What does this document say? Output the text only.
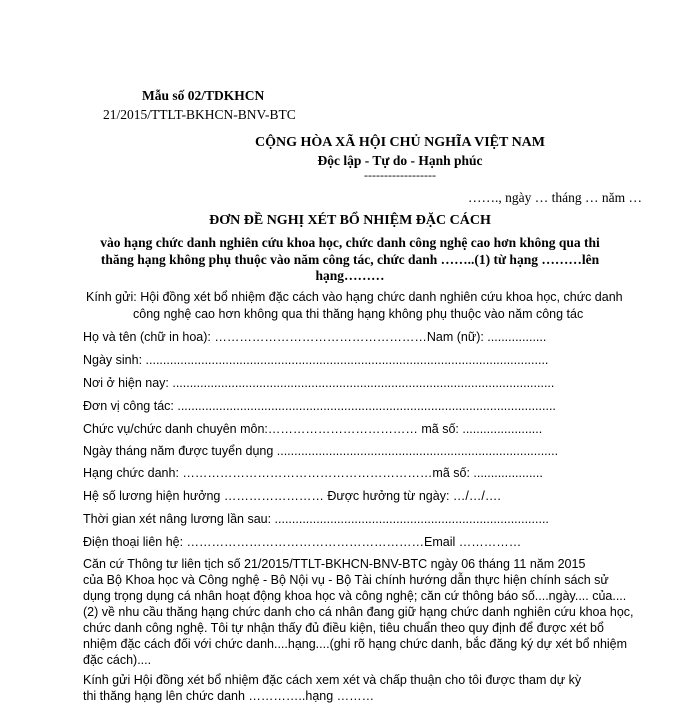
Mẫu số 02/TDKHCN
21/2015/TTLT-BKHCN-BNV-BTC
CỘNG HÒA XÃ HỘI CHỦ NGHĨA VIỆT NAM
Độc lập - Tự do - Hạnh phúc
------------------
……., ngày … tháng … năm …
ĐƠN ĐỀ NGHỊ XÉT BỔ NHIỆM ĐẶC CÁCH
vào hạng chức danh nghiên cứu khoa học, chức danh công nghệ cao hơn không qua thi
thăng hạng không phụ thuộc vào năm công tác, chức danh ……..(1) từ hạng ………lên
hạng………
Kính gửi: Hội đồng xét bổ nhiệm đặc cách vào hạng chức danh nghiên cứu khoa học, chức danh
công nghệ cao hơn không qua thi thăng hạng không phụ thuộc vào năm công tác
Họ và tên (chữ in hoa): ……………………………………………Nam (nữ): .................
Ngày sinh: ....................................................................................................................
Nơi ở hiện nay: ..............................................................................................................
Đơn vị công tác: .............................................................................................................
Chức vụ/chức danh chuyên môn:……………………………… mã số: .......................
Ngày tháng năm được tuyển dụng .................................................................................
Hạng chức danh: ……………………………………………………mã số: ....................
Hệ số lương hiện hưởng …………………… Được hưởng từ ngày: …/…/….
Thời gian xét nâng lương lần sau: ...............................................................................
Điện thoại liên hệ: …………………………………………………Email ……………
Căn cứ Thông tư liên tịch số 21/2015/TTLT-BKHCN-BNV-BTC ngày 06 tháng 11 năm 2015
của Bộ Khoa học và Công nghệ - Bộ Nội vụ - Bộ Tài chính hướng dẫn thực hiện chính sách sử
dụng trọng dụng cá nhân hoạt động khoa học và công nghệ; căn cứ thông báo số....ngày.... của....
(2) về nhu cầu thăng hạng chức danh cho cá nhân đang giữ hạng chức danh nghiên cứu khoa học,
chức danh công nghệ. Tôi tự nhận thấy đủ điều kiện, tiêu chuẩn theo quy định để được xét bổ
nhiệm đặc cách đối với chức danh....hạng....(ghi rõ hạng chức danh, bắc đăng ký dự xét bổ nhiệm
đặc cách)....
Kính gửi Hội đồng xét bổ nhiệm đặc cách xem xét và chấp thuận cho tôi được tham dự kỳ
thi thăng hạng lên chức danh …………..hạng ………
